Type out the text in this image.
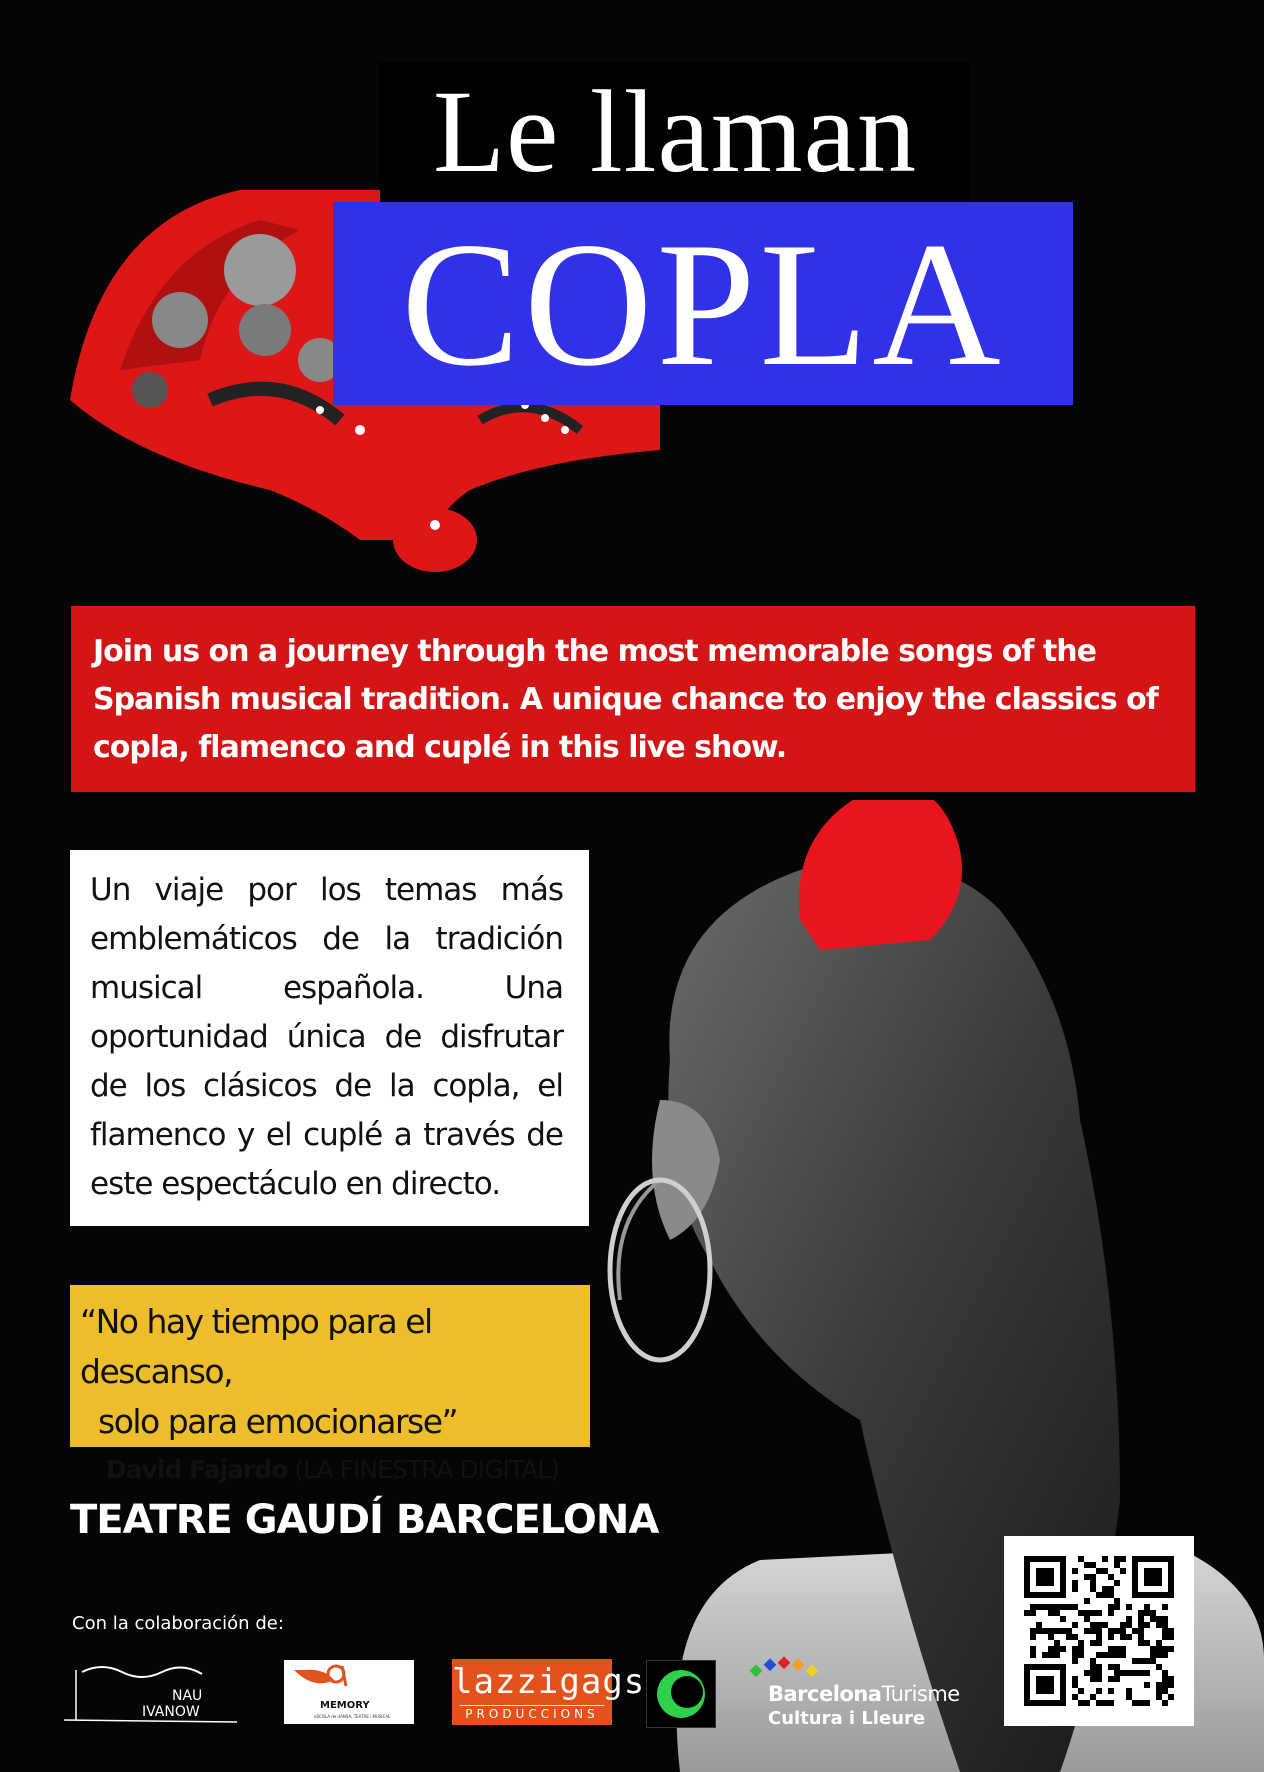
Le llaman
COPLA
Join us on a journey through the most memorable songs of the Spanish musical tradition. A unique chance to enjoy the classics of copla, flamenco and cuplé in this live show.
Un viaje por los temas más emblemáticos de la tradición musical española. Una oportunidad única de disfrutar de los clásicos de la copla, el flamenco y el cuplé a través de este espectáculo en directo.
“No hay tiempo para el descanso,
solo para emocionarse”
David Fajardo (LA FINESTRA DIGITAL)
TEATRE GAUDÍ BARCELONA
Con la colaboración de:
NAU
IVANOW	MEMORY
eSCOLA de dANSA, TEATRE i MUSICAL
lazzigags
PRODUCCIONS
BarcelonaTurisme
Cultura i Lleure
